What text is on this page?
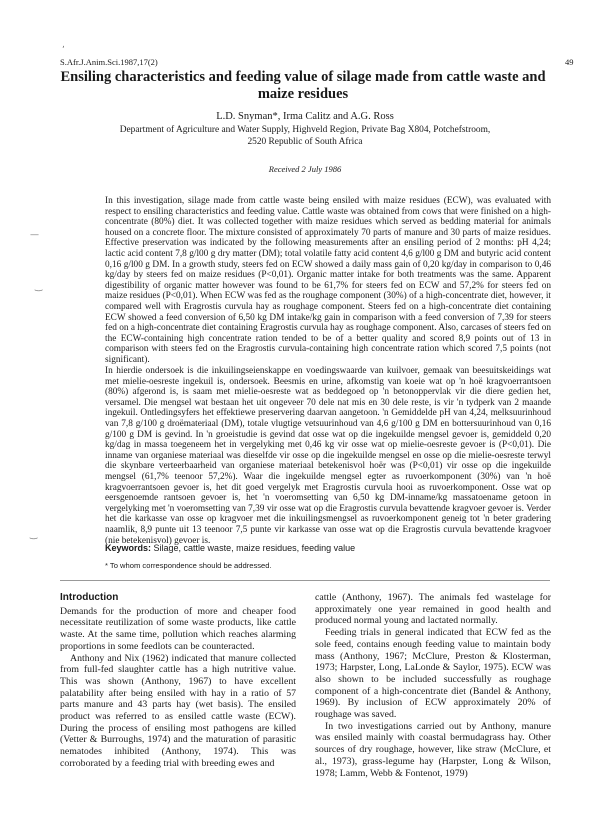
S.Afr.J.Anim.Sci.1987,17(2)	49
Ensiling characteristics and feeding value of silage made from cattle waste and maize residues
L.D. Snyman*, Irma Calitz and A.G. Ross
Department of Agriculture and Water Supply, Highveld Region, Private Bag X804, Potchefstroom,
2520 Republic of South Africa
Received 2 July 1986
In this investigation, silage made from cattle waste being ensiled with maize residues (ECW), was evaluated with respect to ensiling characteristics and feeding value. Cattle waste was obtained from cows that were finished on a high-concentrate (80%) diet. It was collected together with maize residues which served as bedding material for animals housed on a concrete floor. The mixture consisted of approximately 70 parts of manure and 30 parts of maize residues. Effective preservation was indicated by the following measurements after an ensiling period of 2 months: pH 4,24; lactic acid content 7,8 g/l00 g dry matter (DM); total volatile fatty acid content 4,6 g/l00 g DM and butyric acid content 0,16 g/l00 g DM. In a growth study, steers fed on ECW showed a daily mass gain of 0,20 kg/day in comparison to 0,46 kg/day by steers fed on maize residues (P<0,01). Organic matter intake for both treatments was the same. Apparent digestibility of organic matter however was found to be 61,7% for steers fed on ECW and 57,2% for steers fed on maize residues (P<0,01). When ECW was fed as the roughage component (30%) of a high-concentrate diet, however, it compared well with Eragrostis curvula hay as roughage component. Steers fed on a high-concentrate diet containing ECW showed a feed conversion of 6,50 kg DM intake/kg gain in comparison with a feed conversion of 7,39 for steers fed on a high-concentrate diet containing Eragrostis curvula hay as roughage component. Also, carcases of steers fed on the ECW-containing high concentrate ration tended to be of a better quality and scored 8,9 points out of 13 in comparison with steers fed on the Eragrostis curvula-containing high concentrate ration which scored 7,5 points (not significant).
In hierdie ondersoek is die inkuilingseienskappe en voedingswaarde van kuilvoer, gemaak van beesuitskeidings wat met mielie-oesreste ingekuil is, ondersoek. Beesmis en urine, afkomstig van koeie wat op 'n hoë kragvoerrantsoen (80%) afgerond is, is saam met mielie-oesreste wat as beddegoed op 'n betonoppervlak vir die diere gedien het, versamel. Die mengsel wat bestaan het uit ongeveer 70 dele nat mis en 30 dele reste, is vir 'n tydperk van 2 maande ingekuil. Ontledingsyfers het effektiewe preservering daarvan aangetoon. 'n Gemiddelde pH van 4,24, melksuurinhoud van 7,8 g/100 g droëmateriaal (DM), totale vlugtige vetsuurinhoud van 4,6 g/100 g DM en bottersuurinhoud van 0,16 g/100 g DM is gevind. In 'n groeistudie is gevind dat osse wat op die ingekuilde mengsel gevoer is, gemiddeld 0,20 kg/dag in massa toegeneem het in vergelyking met 0,46 kg vir osse wat op mielie-oesreste gevoer is (P<0,01). Die inname van organiese materiaal was dieselfde vir osse op die ingekuilde mengsel en osse op die mielie-oesreste terwyl die skynbare verteerbaarheid van organiese materiaal betekenisvol hoër was (P<0,01) vir osse op die ingekuilde mengsel (61,7% teenoor 57,2%). Waar die ingekuilde mengsel egter as ruvoerkomponent (30%) van 'n hoë kragvoerrantsoen gevoer is, het dit goed vergelyk met Eragrostis curvula hooi as ruvoerkomponent. Osse wat op eersgenoemde rantsoen gevoer is, het 'n voeromsetting van 6,50 kg DM-inname/kg massatoename getoon in vergelyking met 'n voeromsetting van 7,39 vir osse wat op die Eragrostis curvula bevattende kragvoer gevoer is. Verder het die karkasse van osse op kragvoer met die inkuilingsmengsel as ruvoerkomponent geneig tot 'n beter gradering naamlik, 8,9 punte uit 13 teenoor 7,5 punte vir karkasse van osse wat op die Eragrostis curvula bevattende kragvoer (nie betekenisvol) gevoer is.
Keywords: Silage, cattle waste, maize residues, feeding value
* To whom correspondence should be addressed.
Introduction

Demands for the production of more and cheaper food necessitate reutilization of some waste products, like cattle waste. At the same time, pollution which reaches alarming proportions in some feedlots can be counteracted.

Anthony and Nix (1962) indicated that manure collected from full-fed slaughter cattle has a high nutritive value. This was shown (Anthony, 1967) to have excellent palatability after being ensiled with hay in a ratio of 57 parts manure and 43 parts hay (wet basis). The ensiled product was referred to as ensiled cattle waste (ECW). During the process of ensiling most pathogens are killed (Vetter & Burroughs, 1974) and the maturation of parasitic nematodes inhibited (Anthony, 1974). This was corroborated by a feeding trial with breeding ewes and

cattle (Anthony, 1967). The animals fed wastelage for approximately one year remained in good health and produced normal young and lactated normally.

Feeding trials in general indicated that ECW fed as the sole feed, contains enough feeding value to maintain body mass (Anthony, 1967; McClure, Preston & Klosterman, 1973; Harpster, Long, LaLonde & Saylor, 1975). ECW was also shown to be included successfully as roughage component of a high-concentrate diet (Bandel & Anthony, 1969). By inclusion of ECW approximately 20% of roughage was saved.

In two investigations carried out by Anthony, manure was ensiled mainly with coastal bermudagrass hay. Other sources of dry roughage, however, like straw (McClure, et al., 1973), grass-legume hay (Harpster, Long & Wilson, 1978; Lamm, Webb & Fontenot, 1979)

,
—
‿
‿
